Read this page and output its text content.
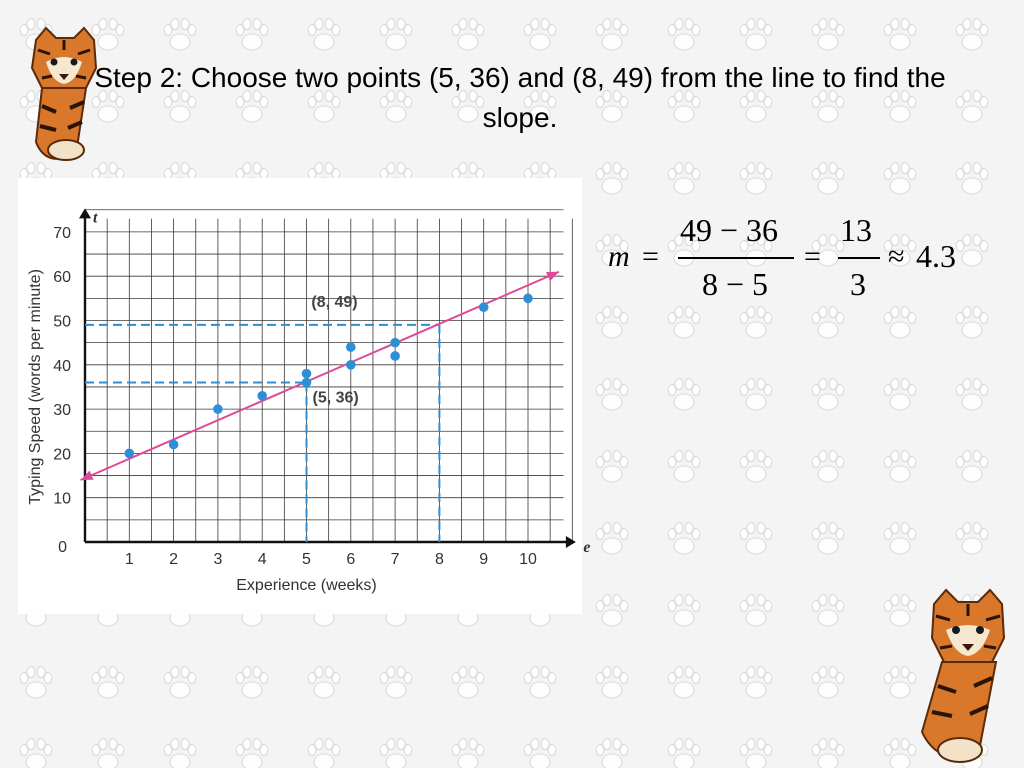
Step 2: Choose two points (5, 36) and (8, 49) from the line to find the slope.
1 2 3 4 5 6 7 8 9 10
10
20
30
40
50
60
70
0	e
t
Experience (weeks)
Typing Speed (words per minute)	(5, 36)
(8, 49)
m =
49 − 36
8 − 5
=
13
3
≈ 4.3
